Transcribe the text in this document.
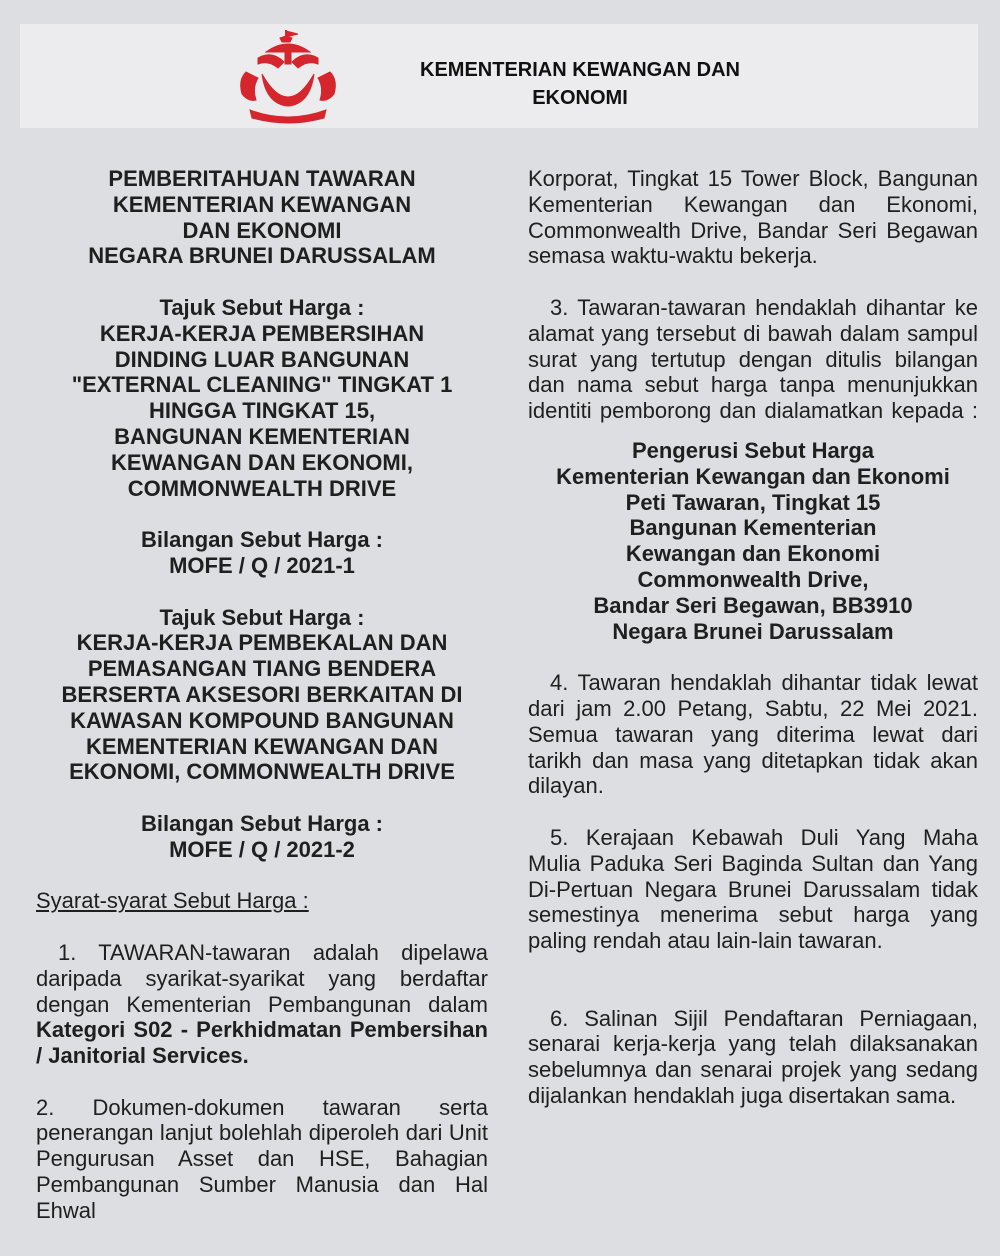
KEMENTERIAN KEWANGAN DAN
EKONOMI
PEMBERITAHUAN TAWARAN
KEMENTERIAN KEWANGAN
DAN EKONOMI
NEGARA BRUNEI DARUSSALAM
Tajuk Sebut Harga :
KERJA-KERJA PEMBERSIHAN
DINDING LUAR BANGUNAN
"EXTERNAL CLEANING" TINGKAT 1
HINGGA TINGKAT 15,
BANGUNAN KEMENTERIAN
KEWANGAN DAN EKONOMI,
COMMONWEALTH DRIVE
Bilangan Sebut Harga :
MOFE / Q / 2021-1
Tajuk Sebut Harga :
KERJA-KERJA PEMBEKALAN DAN
PEMASANGAN TIANG BENDERA
BERSERTA AKSESORI BERKAITAN DI
KAWASAN KOMPOUND BANGUNAN
KEMENTERIAN KEWANGAN DAN
EKONOMI, COMMONWEALTH DRIVE
Bilangan Sebut Harga :
MOFE / Q / 2021-2
Syarat-syarat Sebut Harga :

1. TAWARAN-tawaran adalah dipelawa daripada syarikat-syarikat yang berdaftar dengan Kementerian Pembangunan dalam Kategori S02 - Perkhidmatan Pembersihan / Janitorial Services.

2. Dokumen-dokumen tawaran serta penerangan lanjut bolehlah diperoleh dari Unit Pengurusan Asset dan HSE, Bahagian Pembangunan Sumber Manusia dan Hal Ehwal

Korporat, Tingkat 15 Tower Block, Bangunan Kementerian Kewangan dan Ekonomi, Commonwealth Drive, Bandar Seri Begawan semasa waktu-waktu bekerja.

3. Tawaran-tawaran hendaklah dihantar ke alamat yang tersebut di bawah dalam sampul surat yang tertutup dengan ditulis bilangan dan nama sebut harga tanpa menunjukkan identiti pemborong dan dialamatkan kepada :

Pengerusi Sebut Harga
Kementerian Kewangan dan Ekonomi
Peti Tawaran, Tingkat 15
Bangunan Kementerian
Kewangan dan Ekonomi
Commonwealth Drive,
Bandar Seri Begawan, BB3910
Negara Brunei Darussalam

4. Tawaran hendaklah dihantar tidak lewat dari jam 2.00 Petang, Sabtu, 22 Mei 2021. Semua tawaran yang diterima lewat dari tarikh dan masa yang ditetapkan tidak akan dilayan.

5. Kerajaan Kebawah Duli Yang Maha Mulia Paduka Seri Baginda Sultan dan Yang Di-Pertuan Negara Brunei Darussalam tidak semestinya menerima sebut harga yang paling rendah atau lain-lain tawaran.

6. Salinan Sijil Pendaftaran Perniagaan, senarai kerja-kerja yang telah dilaksanakan sebelumnya dan senarai projek yang sedang dijalankan hendaklah juga disertakan sama.
